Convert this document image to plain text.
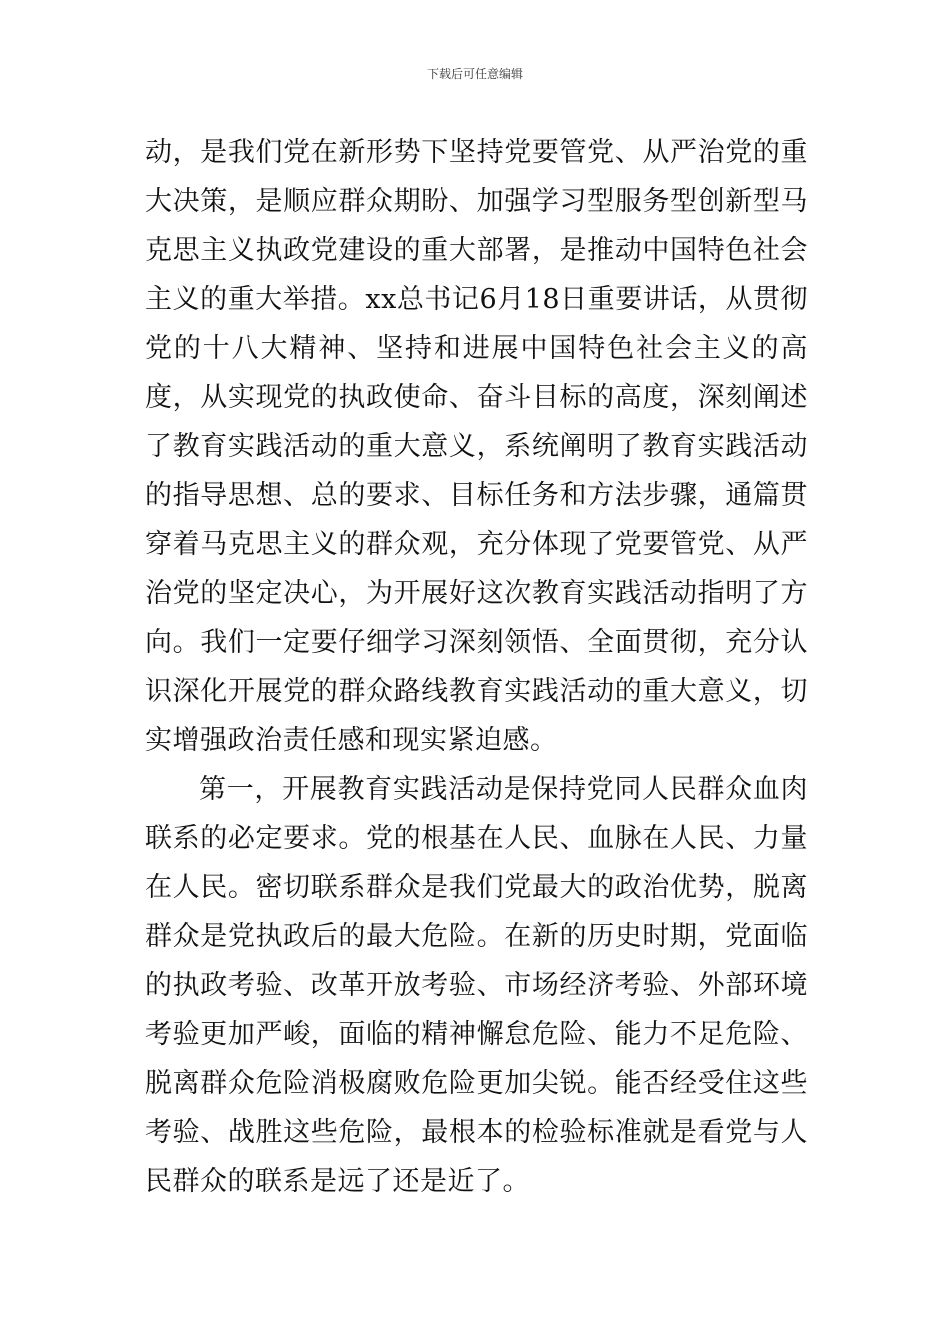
下载后可任意编辑

动，是我们党在新形势下坚持党要管党、从严治党的重大决策，是顺应群众期盼、加强学习型服务型创新型马克思主义执政党建设的重大部署，是推动中国特色社会主义的重大举措。xx总书记6月18日重要讲话，从贯彻党的十八大精神、坚持和进展中国特色社会主义的高度，从实现党的执政使命、奋斗目标的高度，深刻阐述了教育实践活动的重大意义，系统阐明了教育实践活动的指导思想、总的要求、目标任务和方法步骤，通篇贯穿着马克思主义的群众观，充分体现了党要管党、从严治党的坚定决心，为开展好这次教育实践活动指明了方向。我们一定要仔细学习深刻领悟、全面贯彻，充分认识深化开展党的群众路线教育实践活动的重大意义，切实增强政治责任感和现实紧迫感。

第一，开展教育实践活动是保持党同人民群众血肉联系的必定要求。党的根基在人民、血脉在人民、力量在人民。密切联系群众是我们党最大的政治优势，脱离群众是党执政后的最大危险。在新的历史时期，党面临的执政考验、改革开放考验、市场经济考验、外部环境考验更加严峻，面临的精神懈怠危险、能力不足危险、脱离群众危险消极腐败危险更加尖锐。能否经受住这些考验、战胜这些危险，最根本的检验标准就是看党与人民群众的联系是远了还是近了。
